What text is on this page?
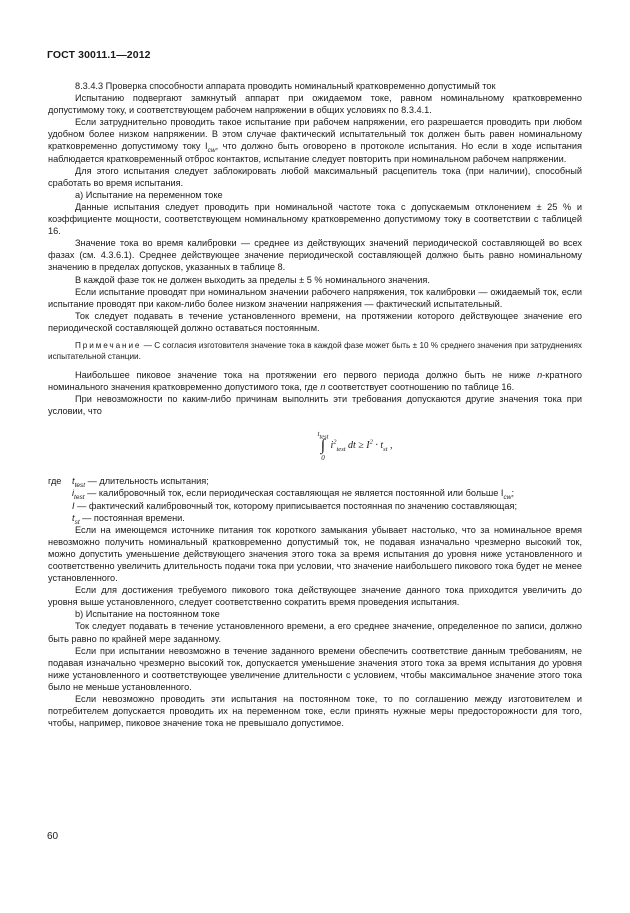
ГОСТ 30011.1—2012

8.3.4.3 Проверка способности аппарата проводить номинальный кратковременно допустимый ток

Испытанию подвергают замкнутый аппарат при ожидаемом токе, равном номинальному кратковременно допустимому току, и соответствующем рабочем напряжении в общих условиях по 8.3.4.1.

Если затруднительно проводить такое испытание при рабочем напряжении, его разрешается проводить при любом удобном более низком напряжении. В этом случае фактический испытательный ток должен быть равен номинальному кратковременно допустимому току $I_{cw}$, что должно быть оговорено в протоколе испытания. Но если в ходе испытания наблюдается кратковременный отброс контактов, испытание следует повторить при номинальном рабочем напряжении.

Для этого испытания следует заблокировать любой максимальный расцепитель тока (при наличии), способный сработать во время испытания.

а) Испытание на переменном токе

Данные испытания следует проводить при номинальной частоте тока с допускаемым отклонением ± 25 % и коэффициенте мощности, соответствующем номинальному кратковременно допустимому току в соответствии с таблицей 16.

Значение тока во время калибровки — среднее из действующих значений периодической составляющей во всех фазах (см. 4.3.6.1). Среднее действующее значение периодической составляющей должно быть равно номинальному значению в пределах допусков, указанных в таблице 8.

В каждой фазе ток не должен выходить за пределы ± 5 % номинального значения.

Если испытание проводят при номинальном значении рабочего напряжения, ток калибровки — ожидаемый ток, если испытание проводят при каком-либо более низком значении напряжения — фактический испытательный.

Ток следует подавать в течение установленного времени, на протяжении которого действующее значение его периодической составляющей должно оставаться постоянным.

Примечание — С согласия изготовителя значение тока в каждой фазе может быть ± 10 % среднего значения при затруднениях испытательной станции.

Наибольшее пиковое значение тока на протяжении его первого периода должно быть не ниже n-кратного номинального значения кратковременно допустимого тока, где n соответствует соотношению по таблице 16.

При невозможности по каким-либо причинам выполнить эти требования допускаются другие значения тока при условии, что

$t_{test}$
∫
0
$i^2_{test}$ dt ≥ $I^2 \cdot t_{st}$ ,
где	$t_{test}$ — длительность испытания;
$i_{test}$ — калибровочный ток, если периодическая составляющая не является постоянной или больше $I_{cw}$;
I — фактический калибровочный ток, которому приписывается постоянная по значению составляющая;
$t_{st}$ — постоянная времени.

Если на имеющемся источнике питания ток короткого замыкания убывает настолько, что за номинальное время невозможно получить номинальный кратковременно допустимый ток, не подавая изначально чрезмерно высокий ток, можно допустить уменьшение действующего значения этого тока за время испытания до уровня ниже установленного и соответственно увеличить длительность подачи тока при условии, что значение наибольшего пикового тока будет не менее установленного.

Если для достижения требуемого пикового тока действующее значение данного тока приходится увеличить до уровня выше установленного, следует соответственно сократить время проведения испытания.

b) Испытание на постоянном токе

Ток следует подавать в течение установленного времени, а его среднее значение, определенное по записи, должно быть равно по крайней мере заданному.

Если при испытании невозможно в течение заданного времени обеспечить соответствие данным требованиям, не подавая изначально чрезмерно высокий ток, допускается уменьшение значения этого тока за время испытания до уровня ниже установленного и соответствующее увеличение длительности с условием, чтобы максимальное значение этого тока было не меньше установленного.

Если невозможно проводить эти испытания на постоянном токе, то по соглашению между изготовителем и потребителем допускается проводить их на переменном токе, если принять нужные меры предосторожности для того, чтобы, например, пиковое значение тока не превышало допустимое.

60
